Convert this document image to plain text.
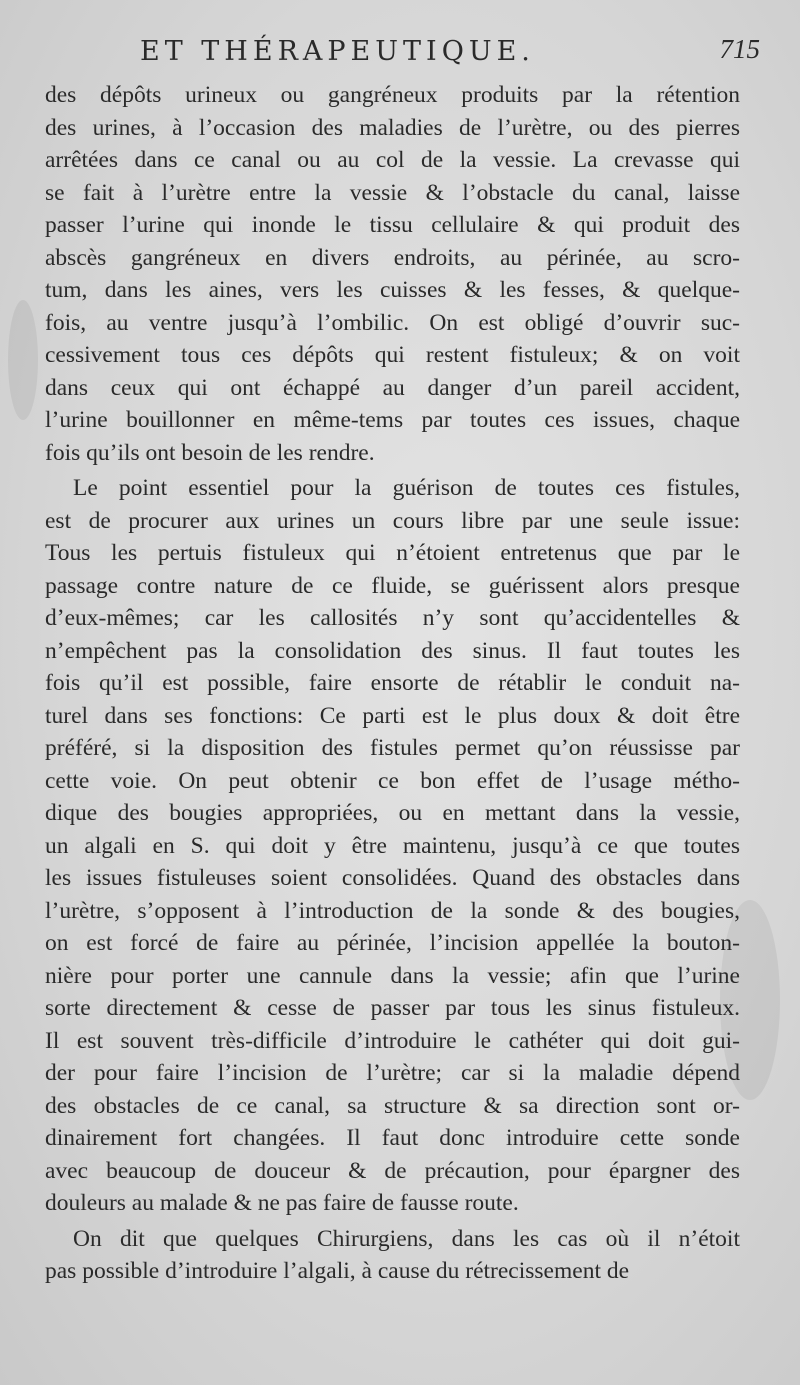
ET THÉRAPEUTIQUE.	715
des dépôts urineux ou gangréneux produits par la rétention
des urines, à l’occasion des maladies de l’urètre, ou des pierres
arrêtées dans ce canal ou au col de la vessie. La crevasse qui
se fait à l’urètre entre la vessie & l’obstacle du canal, laisse
passer l’urine qui inonde le tissu cellulaire & qui produit des
abscès gangréneux en divers endroits, au périnée, au scro-
tum, dans les aines, vers les cuisses & les fesses, & quelque-
fois, au ventre jusqu’à l’ombilic. On est obligé d’ouvrir suc-
cessivement tous ces dépôts qui restent fistuleux; & on voit
dans ceux qui ont échappé au danger d’un pareil accident,
l’urine bouillonner en même-tems par toutes ces issues, chaque
fois qu’ils ont besoin de les rendre.
Le point essentiel pour la guérison de toutes ces fistules,
est de procurer aux urines un cours libre par une seule issue:
Tous les pertuis fistuleux qui n’étoient entretenus que par le
passage contre nature de ce fluide, se guérissent alors presque
d’eux-mêmes; car les callosités n’y sont qu’accidentelles &
n’empêchent pas la consolidation des sinus. Il faut toutes les
fois qu’il est possible, faire ensorte de rétablir le conduit na-
turel dans ses fonctions: Ce parti est le plus doux & doit être
préféré, si la disposition des fistules permet qu’on réussisse par
cette voie. On peut obtenir ce bon effet de l’usage métho-
dique des bougies appropriées, ou en mettant dans la vessie,
un algali en S. qui doit y être maintenu, jusqu’à ce que toutes
les issues fistuleuses soient consolidées. Quand des obstacles dans
l’urètre, s’opposent à l’introduction de la sonde & des bougies,
on est forcé de faire au périnée, l’incision appellée la bouton-
nière pour porter une cannule dans la vessie; afin que l’urine
sorte directement & cesse de passer par tous les sinus fistuleux.
Il est souvent très-difficile d’introduire le cathéter qui doit gui-
der pour faire l’incision de l’urètre; car si la maladie dépend
des obstacles de ce canal, sa structure & sa direction sont or-
dinairement fort changées. Il faut donc introduire cette sonde
avec beaucoup de douceur & de précaution, pour épargner des
douleurs au malade & ne pas faire de fausse route.
On dit que quelques Chirurgiens, dans les cas où il n’étoit
pas possible d’introduire l’algali, à cause du rétrecissement de
